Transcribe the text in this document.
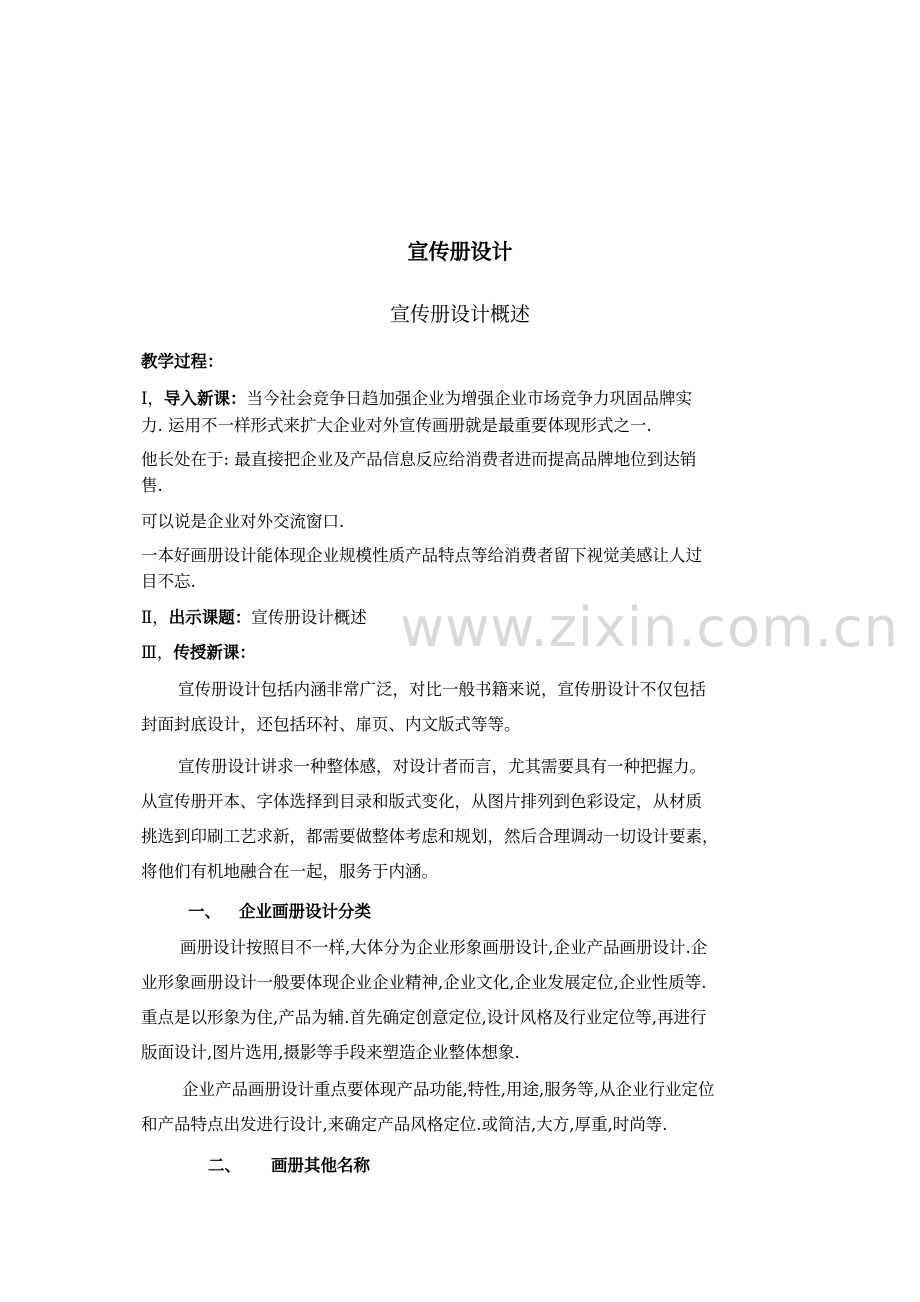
www.zixin.com.cn
宣传册设计
宣传册设计概述
教学过程：
Ⅰ，导入新课：当今社会竞争日趋加强企业为增强企业市场竞争力巩固品牌实
力. 运用不一样形式来扩大企业对外宣传画册就是最重要体现形式之一.
他长处在于: 最直接把企业及产品信息反应给消费者进而提高品牌地位到达销
售.
可以说是企业对外交流窗口.
一本好画册设计能体现企业规模性质产品特点等给消费者留下视觉美感让人过
目不忘.
Ⅱ，出示课题：宣传册设计概述
Ⅲ，传授新课：
宣传册设计包括内涵非常广泛，对比一般书籍来说，宣传册设计不仅包括
封面封底设计，还包括环衬、扉页、内文版式等等。
宣传册设计讲求一种整体感，对设计者而言，尤其需要具有一种把握力。
从宣传册开本、字体选择到目录和版式变化，从图片排列到色彩设定，从材质
挑选到印刷工艺求新，都需要做整体考虑和规划，然后合理调动一切设计要素，
将他们有机地融合在一起，服务于内涵。
一、 企业画册设计分类
画册设计按照目不一样,大体分为企业形象画册设计,企业产品画册设计.企
业形象画册设计一般要体现企业企业精神,企业文化,企业发展定位,企业性质等.
重点是以形象为住,产品为辅.首先确定创意定位,设计风格及行业定位等,再进行
版面设计,图片选用,摄影等手段来塑造企业整体想象.
企业产品画册设计重点要体现产品功能,特性,用途,服务等,从企业行业定位
和产品特点出发进行设计,来确定产品风格定位.或简洁,大方,厚重,时尚等.
二、 画册其他名称
